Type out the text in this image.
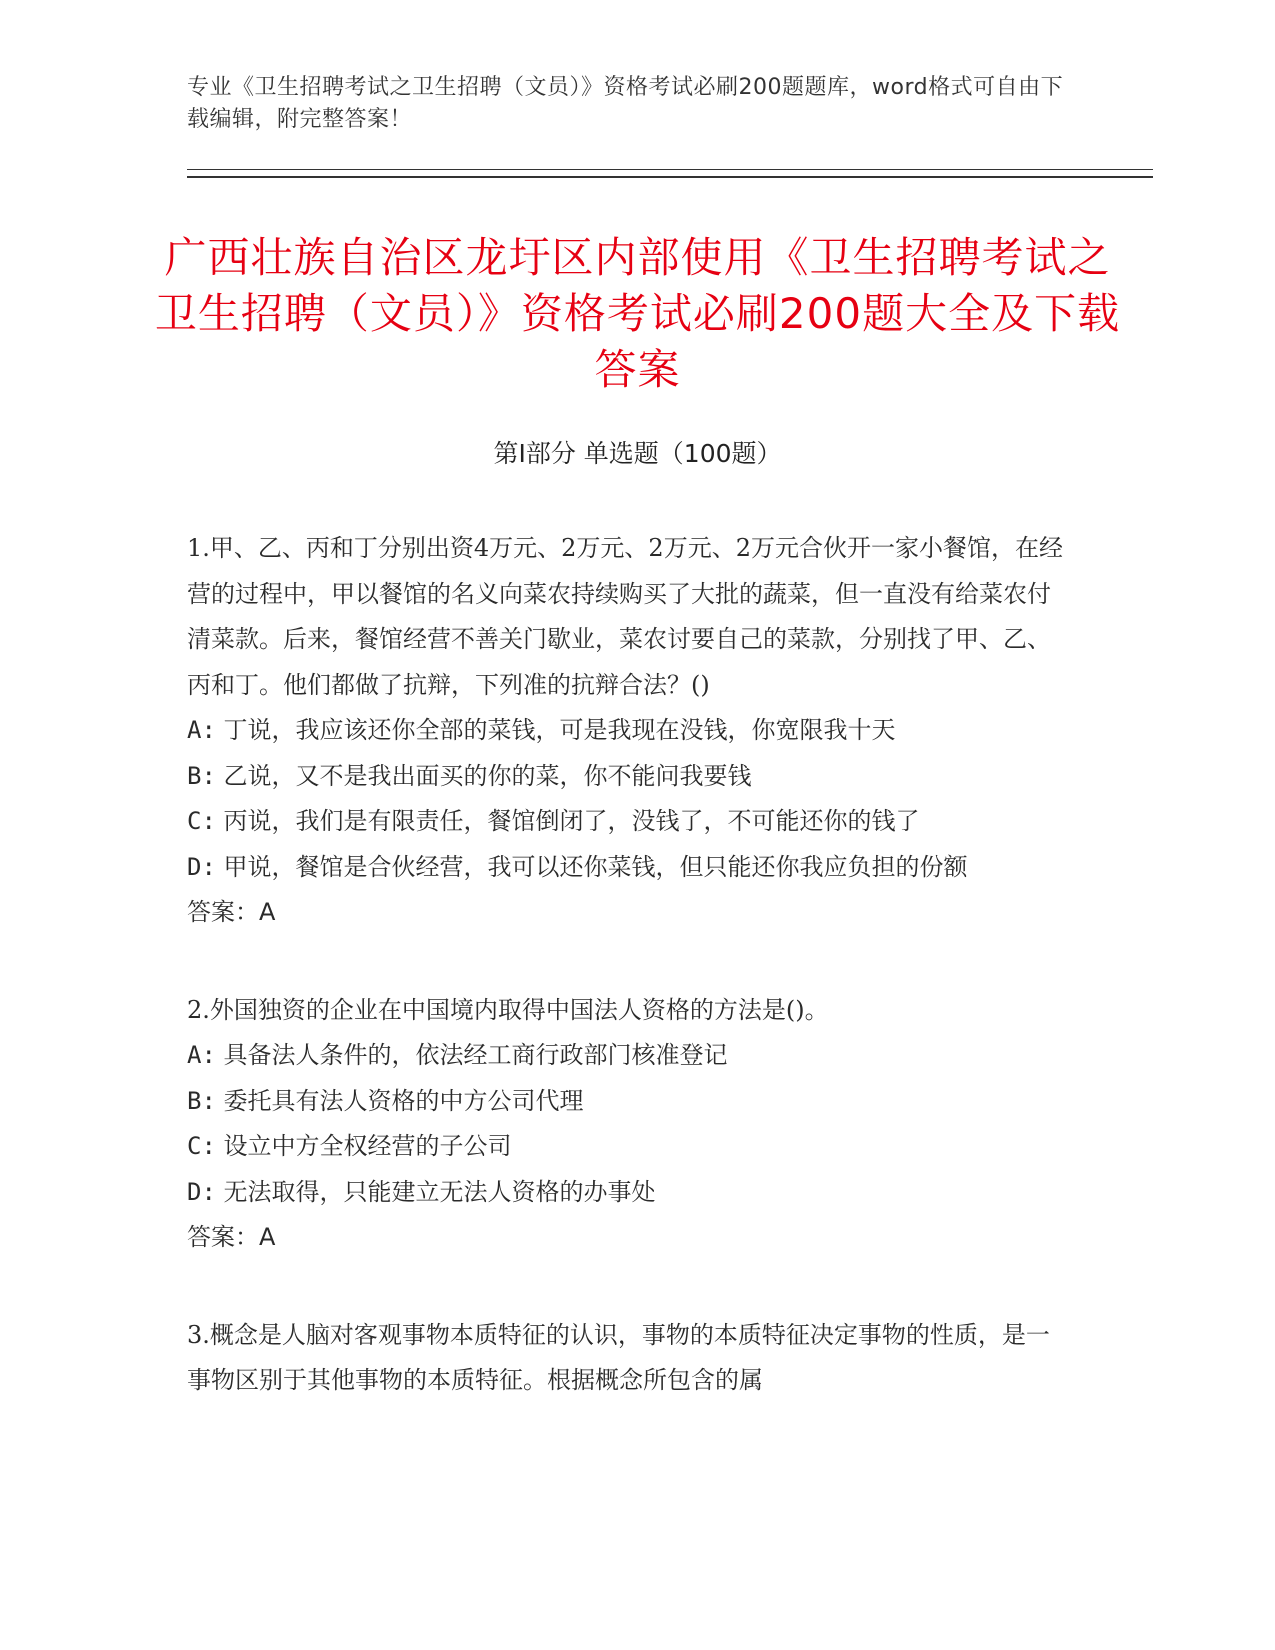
专业《卫生招聘考试之卫生招聘（文员）》资格考试必刷200题题库，word格式可自由下载编辑，附完整答案！
广西壮族自治区龙圩区内部使用《卫生招聘考试之卫生招聘（文员）》资格考试必刷200题大全及下载答案
第Ⅰ部分 单选题（100题）

1.甲、乙、丙和丁分别出资4万元、2万元、2万元、2万元合伙开一家小餐馆，在经营的过程中，甲以餐馆的名义向菜农持续购买了大批的蔬菜，但一直没有给菜农付清菜款。后来，餐馆经营不善关门歇业，菜农讨要自己的菜款，分别找了甲、乙、丙和丁。他们都做了抗辩，下列准的抗辩合法？()

A: 丁说，我应该还你全部的菜钱，可是我现在没钱，你宽限我十天

B: 乙说，又不是我出面买的你的菜，你不能问我要钱

C: 丙说，我们是有限责任，餐馆倒闭了，没钱了，不可能还你的钱了

D: 甲说，餐馆是合伙经营，我可以还你菜钱，但只能还你我应负担的份额

答案：A

2.外国独资的企业在中国境内取得中国法人资格的方法是()。

A: 具备法人条件的，依法经工商行政部门核准登记

B: 委托具有法人资格的中方公司代理

C: 设立中方全权经营的子公司

D: 无法取得，只能建立无法人资格的办事处

答案：A

3.概念是人脑对客观事物本质特征的认识，事物的本质特征决定事物的性质，是一事物区别于其他事物的本质特征。根据概念所包含的属
